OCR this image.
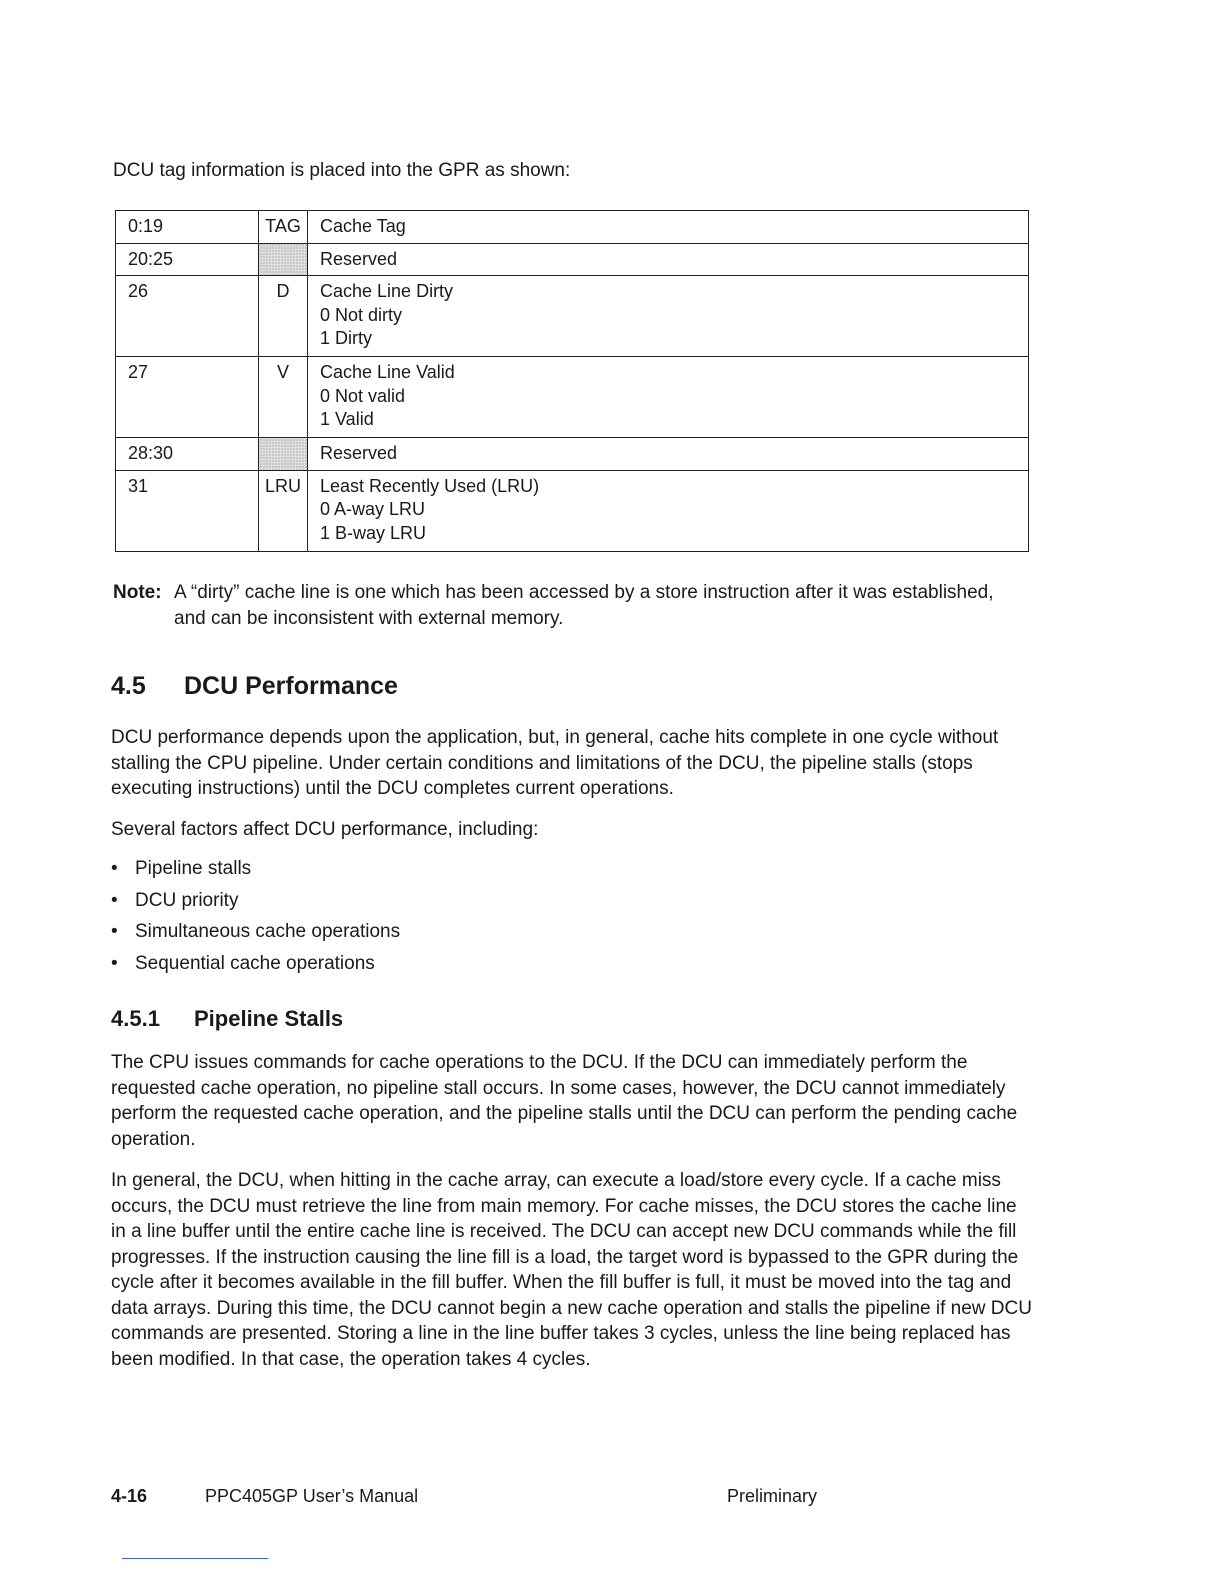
DCU tag information is placed into the GPR as shown:

0:19	TAG	Cache Tag

20:25		Reserved

26	D	Cache Line Dirty
0 Not dirty
1 Dirty

27	V	Cache Line Valid
0 Not valid
1 Valid

28:30		Reserved

31	LRU	Least Recently Used (LRU)
0 A-way LRU
1 B-way LRU
Note: A “dirty” cache line is one which has been accessed by a store instruction after it was established, and can be inconsistent with external memory.
4.5 DCU Performance

DCU performance depends upon the application, but, in general, cache hits complete in one cycle without stalling the CPU pipeline. Under certain conditions and limitations of the DCU, the pipeline stalls (stops executing instructions) until the DCU completes current operations.

Several factors affect DCU performance, including:

• Pipeline stalls
• DCU priority
• Simultaneous cache operations
• Sequential cache operations
4.5.1 Pipeline Stalls

The CPU issues commands for cache operations to the DCU. If the DCU can immediately perform the requested cache operation, no pipeline stall occurs. In some cases, however, the DCU cannot immediately perform the requested cache operation, and the pipeline stalls until the DCU can perform the pending cache operation.

In general, the DCU, when hitting in the cache array, can execute a load/store every cycle. If a cache miss occurs, the DCU must retrieve the line from main memory. For cache misses, the DCU stores the cache line in a line buffer until the entire cache line is received. The DCU can accept new DCU commands while the fill progresses. If the instruction causing the line fill is a load, the target word is bypassed to the GPR during the cycle after it becomes available in the fill buffer. When the fill buffer is full, it must be moved into the tag and data arrays. During this time, the DCU cannot begin a new cache operation and stalls the pipeline if new DCU commands are presented. Storing a line in the line buffer takes 3 cycles, unless the line being replaced has been modified. In that case, the operation takes 4 cycles.

4-16	PPC405GP User’s Manual	Preliminary
